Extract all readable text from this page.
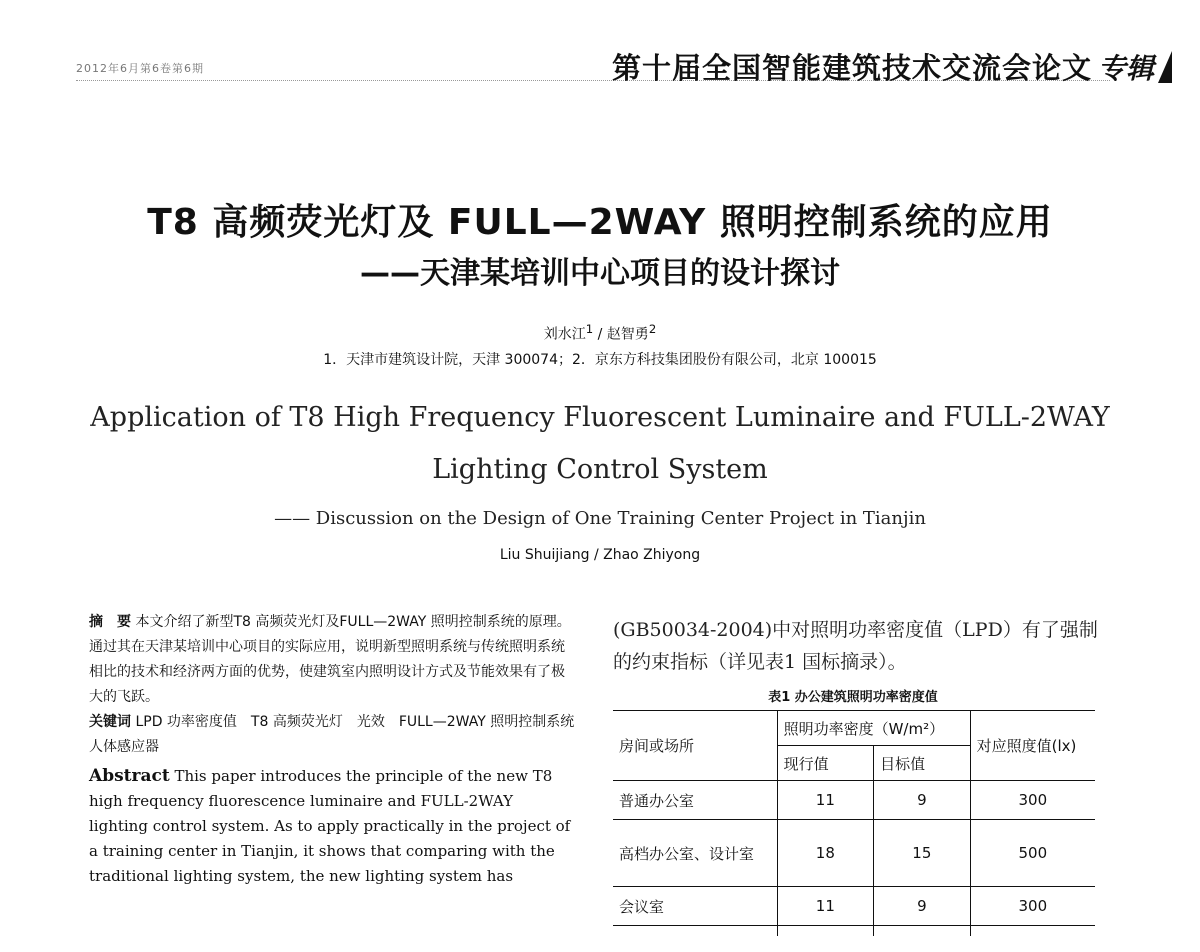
2012年6月第6卷第6期	第十届全国智能建筑技术交流会论文 专辑
T8 高频荧光灯及 FULL—2WAY 照明控制系统的应用
——天津某培训中心项目的设计探讨
刘水江$^1$ / 赵智勇$^2$
1．天津市建筑设计院，天津 300074；2．京东方科技集团股份有限公司，北京 100015
Application of T8 High Frequency Fluorescent Luminaire and FULL-2WAY
Lighting Control System
—— Discussion on the Design of One Training Center Project in Tianjin
Liu Shuijiang / Zhao Zhiyong

摘　要 本文介绍了新型T8 高频荧光灯及FULL—2WAY 照明控制系统的原理。通过其在天津某培训中心项目的实际应用，说明新型照明系统与传统照明系统相比的技术和经济两方面的优势，使建筑室内照明设计方式及节能效果有了极大的飞跃。

关键词 LPD 功率密度值　T8 高频荧光灯　光效　FULL—2WAY 照明控制系统　人体感应器

Abstract This paper introduces the principle of the new T8 high frequency fluorescence luminaire and FULL-2WAY lighting control system. As to apply practically in the project of a training center in Tianjin, it shows that comparing with the traditional lighting system, the new lighting system has

(GB50034-2004)中对照明功率密度值（LPD）有了强制的约束指标（详见表1 国标摘录）。

表1 办公建筑照明功率密度值
房间或场所	照明功率密度（W/m²）		对应照度值(lx)
	现行值	目标值	
普通办公室	11	9	300
高档办公室、设计室	18	15	500
会议室	11	9	300
